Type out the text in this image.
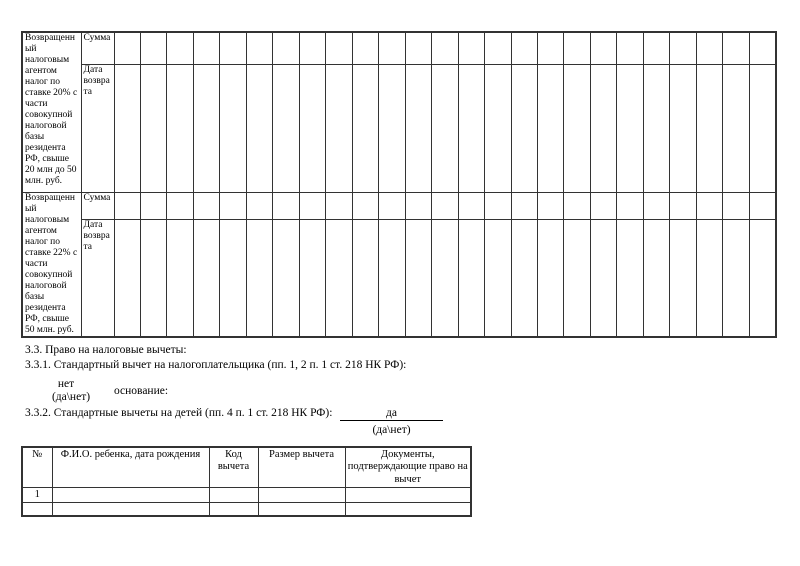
Возвращенный налоговым агентом налог по ставке 20% с части совокупной налоговой базы резидента РФ, свыше 20 млн до 50 млн. руб.	Сумма																									
	Дата возврата																									
Возвращенный налоговым агентом налог по ставке 22% с части совокупной налоговой базы резидента РФ, свыше 50 млн. руб.	Сумма																									
	Дата возврата																									
3.3. Право на налоговые вычеты:
3.3.1. Стандартный вычет на налогоплательщика (пп. 1, 2 п. 1 ст. 218 НК РФ):
нет
(да\нет)	основание:
3.3.2. Стандартные вычеты на детей (пп. 4 п. 1 ст. 218 НК РФ):	да
(да\нет)
№	Ф.И.О. ребенка, дата рождения	Код вычета	Размер вычета	Документы, подтверждающие право на вычет
1				
